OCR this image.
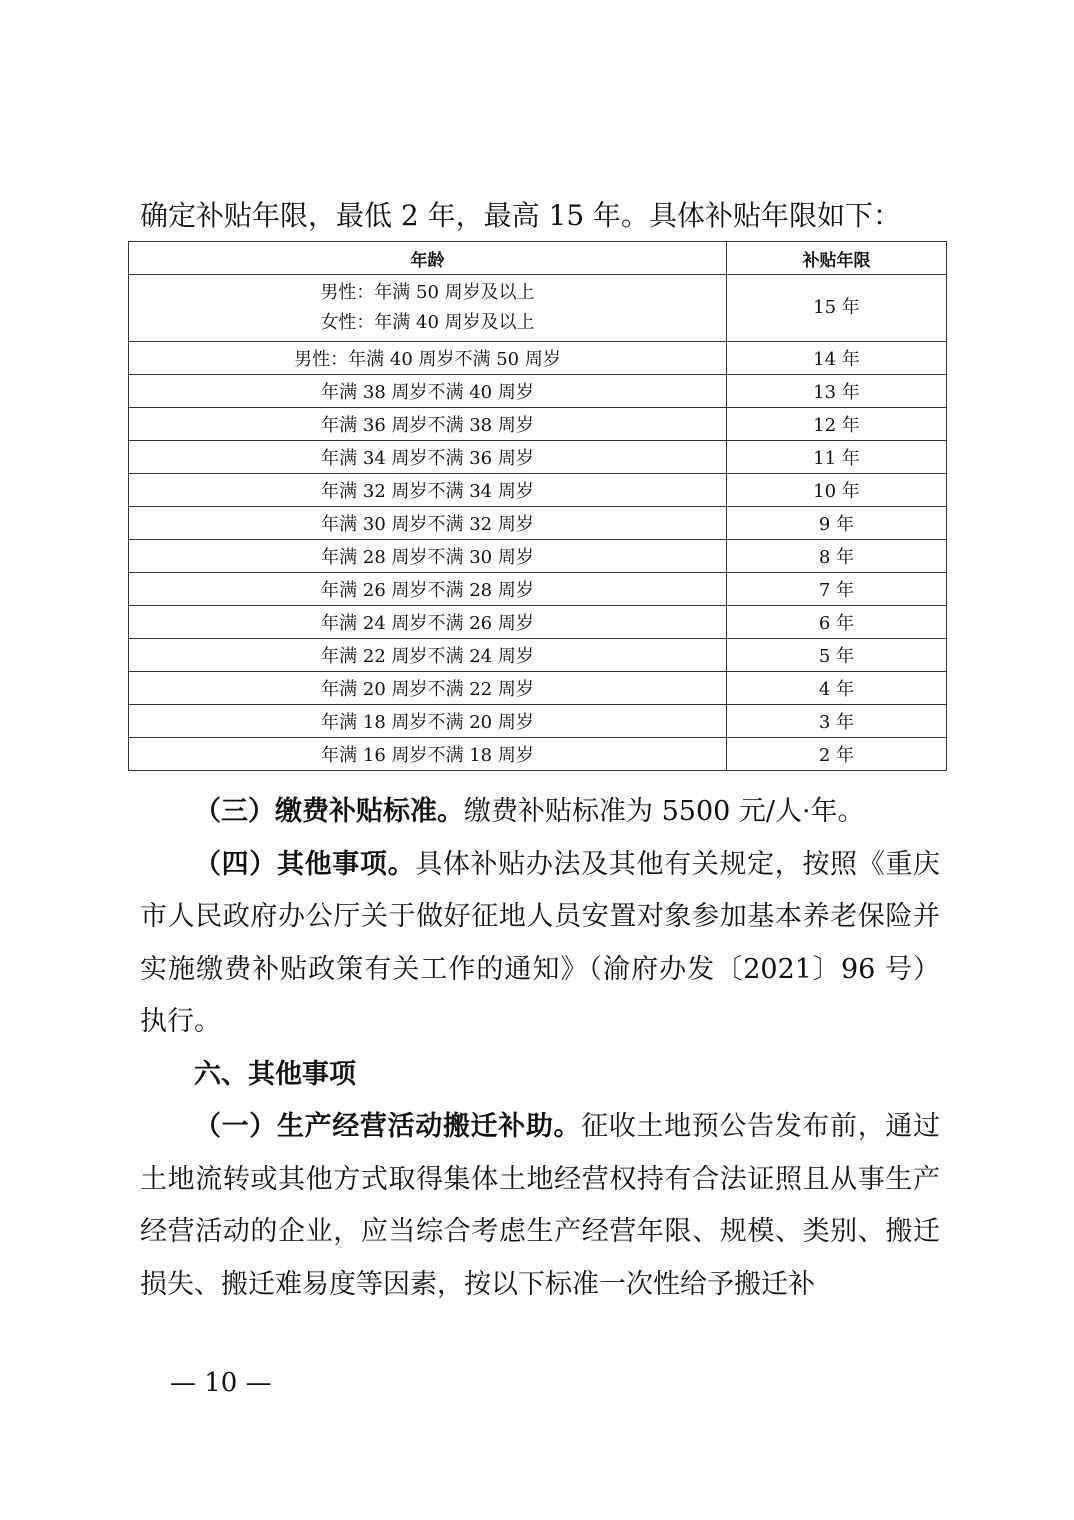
确定补贴年限，最低 2 年，最高 15 年。具体补贴年限如下：
年龄	补贴年限

男性：年满 50 周岁及以上
女性：年满 40 周岁及以上	15 年
男性：年满 40 周岁不满 50 周岁	14 年
年满 38 周岁不满 40 周岁	13 年
年满 36 周岁不满 38 周岁	12 年
年满 34 周岁不满 36 周岁	11 年
年满 32 周岁不满 34 周岁	10 年
年满 30 周岁不满 32 周岁	9 年
年满 28 周岁不满 30 周岁	8 年
年满 26 周岁不满 28 周岁	7 年
年满 24 周岁不满 26 周岁	6 年
年满 22 周岁不满 24 周岁	5 年
年满 20 周岁不满 22 周岁	4 年
年满 18 周岁不满 20 周岁	3 年
年满 16 周岁不满 18 周岁	2 年

（三）缴费补贴标准。缴费补贴标准为 5500 元/人·年。

（四）其他事项。具体补贴办法及其他有关规定，按照《重庆市人民政府办公厅关于做好征地人员安置对象参加基本养老保险并实施缴费补贴政策有关工作的通知》（渝府办发〔2021〕96 号）执行。

六、其他事项

（一）生产经营活动搬迁补助。征收土地预公告发布前，通过土地流转或其他方式取得集体土地经营权持有合法证照且从事生产经营活动的企业，应当综合考虑生产经营年限、规模、类别、搬迁损失、搬迁难易度等因素，按以下标准一次性给予搬迁补

— 10 —
